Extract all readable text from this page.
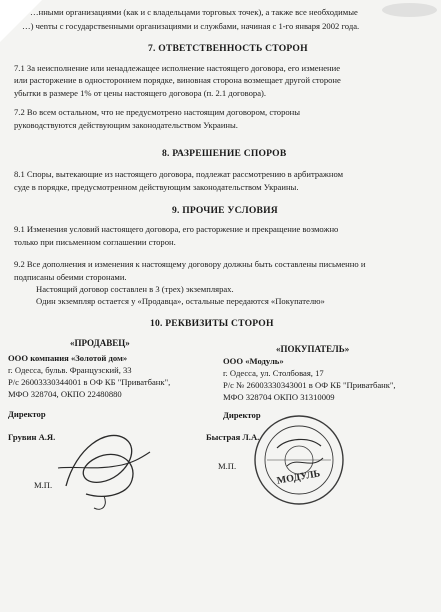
…нными организациями (как и с владельцами торговых точек), а также все необходимые
…) чеnты с государственными организациями и службами, начиная с 1-го января 2002 года.
7. ОТВЕТСТВЕННОСТЬ СТОРОН
7.1 За неисполнение или ненадлежащее исполнение настоящего договора, его изменение
или расторжение в одностороннем порядке, виновная сторона возмещает другой стороне
убытки в размере 1% от цены настоящего договора (п. 2.1 договора).
7.2 Во всем остальном, что не предусмотрено настоящим договором, стороны
руководствуются действующим законодательством Украины.
8. РАЗРЕШЕНИЕ СПОРОВ
8.1 Споры, вытекающие из настоящего договора, подлежат рассмотрению в арбитражном
суде в порядке, предусмотренном действующим законодательством Украины.
9. ПРОЧИЕ УСЛОВИЯ
9.1 Изменения условий настоящего договора, его расторжение и прекращение возможно
только при письменном соглашении сторон.
9.2 Все дополнения и изменения к настоящему договору должны быть составлены письменно и
подписаны обеими сторонами.
Настоящий договор составлен в 3 (трех) экземплярах.
Один экземпляр остается у «Продавца», остальные передаются «Покупателю»
10. РЕКВИЗИТЫ СТОРОН
«ПРОДАВЕЦ»
ООО компания «Золотой дом»
г. Одесса, бульв. Французский, 33
Р/с 26003330344001 в ОФ КБ "Приватбанк",
МФО 328704, ОКПО 22480880
Директор
Грувин А.Я.
М.П.
«ПОКУПАТЕЛЬ»
ООО «Модуль»
г. Одесса, ул. Столбовая, 17
Р/с № 26003330343001 в ОФ КБ "Приватбанк",
МФО 328704 ОКПО 31310009
Директор
Быстрая Л.А.
М.П.
МОДУЛЬ
